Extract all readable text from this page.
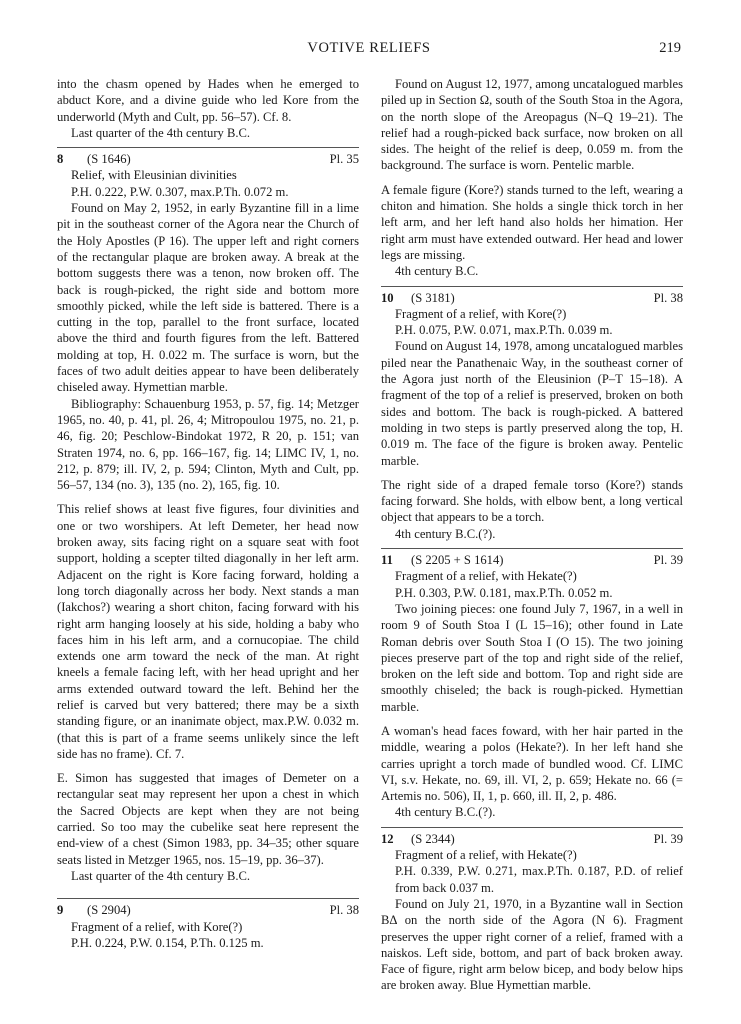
VOTIVE RELIEFS	219

into the chasm opened by Hades when he emerged to abduct Kore, and a divine guide who led Kore from the underworld (Myth and Cult, pp. 56–57). Cf. 8.

Last quarter of the 4th century B.C.

8 (S 1646)	Pl. 35

Relief, with Eleusinian divinities

P.H. 0.222, P.W. 0.307, max.P.Th. 0.072 m.

Found on May 2, 1952, in early Byzantine fill in a lime pit in the southeast corner of the Agora near the Church of the Holy Apostles (P 16). The upper left and right corners of the rectangular plaque are broken away. A break at the bottom suggests there was a tenon, now broken off. The back is rough-picked, the right side and bottom more smoothly picked, while the left side is battered. There is a cutting in the top, parallel to the front surface, located above the third and fourth figures from the left. Battered molding at top, H. 0.022 m. The surface is worn, but the faces of two adult deities appear to have been deliberately chiseled away. Hymettian marble.

Bibliography: Schauenburg 1953, p. 57, fig. 14; Metzger 1965, no. 40, p. 41, pl. 26, 4; Mitropoulou 1975, no. 21, p. 46, fig. 20; Peschlow-Bindokat 1972, R 20, p. 151; van Straten 1974, no. 6, pp. 166–167, fig. 14; LIMC IV, 1, no. 212, p. 879; ill. IV, 2, p. 594; Clinton, Myth and Cult, pp. 56–57, 134 (no. 3), 135 (no. 2), 165, fig. 10.

This relief shows at least five figures, four divinities and one or two worshipers. At left Demeter, her head now broken away, sits facing right on a square seat with foot support, holding a scepter tilted diagonally in her left arm. Adjacent on the right is Kore facing forward, holding a long torch diagonally across her body. Next stands a man (Iakchos?) wearing a short chiton, facing forward with his right arm hanging loosely at his side, holding a baby who faces him in his left arm, and a cornucopiae. The child extends one arm toward the neck of the man. At right kneels a female facing left, with her head upright and her arms extended outward toward the left. Behind her the relief is carved but very battered; there may be a sixth standing figure, or an inanimate object, max.P.W. 0.032 m. (that this is part of a frame seems unlikely since the left side has no frame). Cf. 7.

E. Simon has suggested that images of Demeter on a rectangular seat may represent her upon a chest in which the Sacred Objects are kept when they are not being carried. So too may the cubelike seat here represent the end-view of a chest (Simon 1983, pp. 34–35; other square seats listed in Metzger 1965, nos. 15–19, pp. 36–37).

Last quarter of the 4th century B.C.

9 (S 2904)	Pl. 38

Fragment of a relief, with Kore(?)

P.H. 0.224, P.W. 0.154, P.Th. 0.125 m.

Found on August 12, 1977, among uncatalogued marbles piled up in Section Ω, south of the South Stoa in the Agora, on the north slope of the Areopagus (N–Q 19–21). The relief had a rough-picked back surface, now broken on all sides. The height of the relief is deep, 0.059 m. from the background. The surface is worn. Pentelic marble.

A female figure (Kore?) stands turned to the left, wearing a chiton and himation. She holds a single thick torch in her left arm, and her left hand also holds her himation. Her right arm must have extended outward. Her head and lower legs are missing.

4th century B.C.

10 (S 3181)	Pl. 38

Fragment of a relief, with Kore(?)

P.H. 0.075, P.W. 0.071, max.P.Th. 0.039 m.

Found on August 14, 1978, among uncatalogued marbles piled near the Panathenaic Way, in the southeast corner of the Agora just north of the Eleusinion (P–T 15–18). A fragment of the top of a relief is preserved, broken on both sides and bottom. The back is rough-picked. A battered molding in two steps is partly preserved along the top, H. 0.019 m. The face of the figure is broken away. Pentelic marble.

The right side of a draped female torso (Kore?) stands facing forward. She holds, with elbow bent, a long vertical object that appears to be a torch.

4th century B.C.(?).

11 (S 2205 + S 1614)	Pl. 39

Fragment of a relief, with Hekate(?)

P.H. 0.303, P.W. 0.181, max.P.Th. 0.052 m.

Two joining pieces: one found July 7, 1967, in a well in room 9 of South Stoa I (L 15–16); other found in Late Roman debris over South Stoa I (O 15). The two joining pieces preserve part of the top and right side of the relief, broken on the left side and bottom. Top and right side are smoothly chiseled; the back is rough-picked. Hymettian marble.

A woman's head faces foward, with her hair parted in the middle, wearing a polos (Hekate?). In her left hand she carries upright a torch made of bundled wood. Cf. LIMC VI, s.v. Hekate, no. 69, ill. VI, 2, p. 659; Hekate no. 66 (= Artemis no. 506), II, 1, p. 660, ill. II, 2, p. 486.

4th century B.C.(?).

12 (S 2344)	Pl. 39

Fragment of a relief, with Hekate(?)

P.H. 0.339, P.W. 0.271, max.P.Th. 0.187, P.D. of relief from back 0.037 m.

Found on July 21, 1970, in a Byzantine wall in Section BΔ on the north side of the Agora (N 6). Fragment preserves the upper right corner of a relief, framed with a naiskos. Left side, bottom, and part of back broken away. Face of figure, right arm below bicep, and body below hips are broken away. Blue Hymettian marble.
